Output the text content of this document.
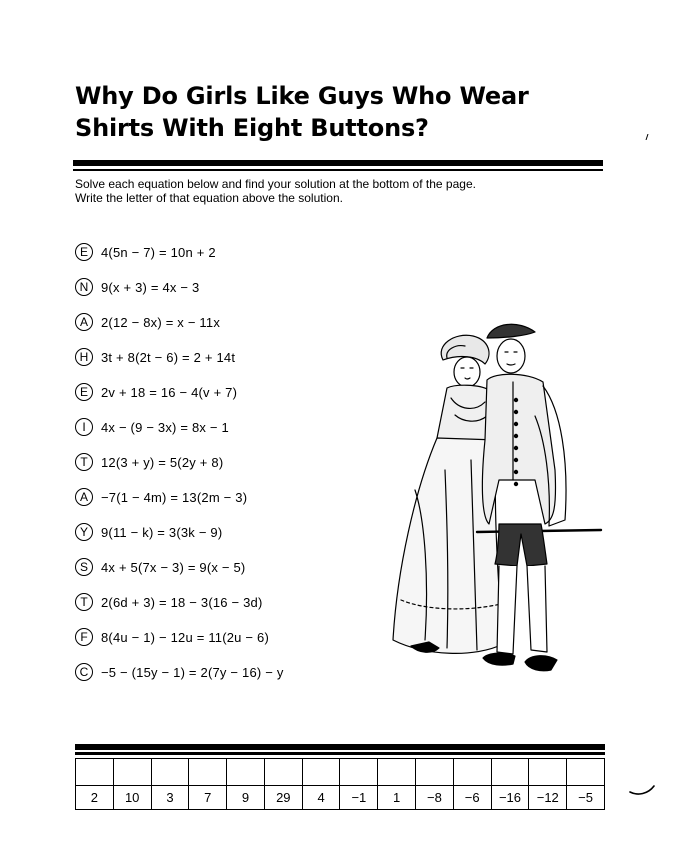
Why Do Girls Like Guys Who Wear
Shirts With Eight Buttons?
Solve each equation below and find your solution at the bottom of the page.
Write the letter of that equation above the solution.
E	4(5n − 7) = 10n + 2
N 9(x + 3) = 4x − 3
A	2(12 − 8x) = x − 11x
H 3t + 8(2t − 6) = 2 + 14t
E	2v + 18 = 16 − 4(v + 7)
I	4x − (9 − 3x) = 8x − 1
T	12(3 + y) = 5(2y + 8)
A	−7(1 − 4m) = 13(2m − 3)
Y	9(11 − k) = 3(3k − 9)
S	4x + 5(7x − 3) = 9(x − 5)
T	2(6d + 3) = 18 − 3(16 − 3d)
F	8(4u − 1) − 12u = 11(2u − 6)
C −5 − (15y − 1) = 2(7y − 16) − y

2	10	3	7	9	29	4	−1	1	−8	−6	−16	−12	−5
